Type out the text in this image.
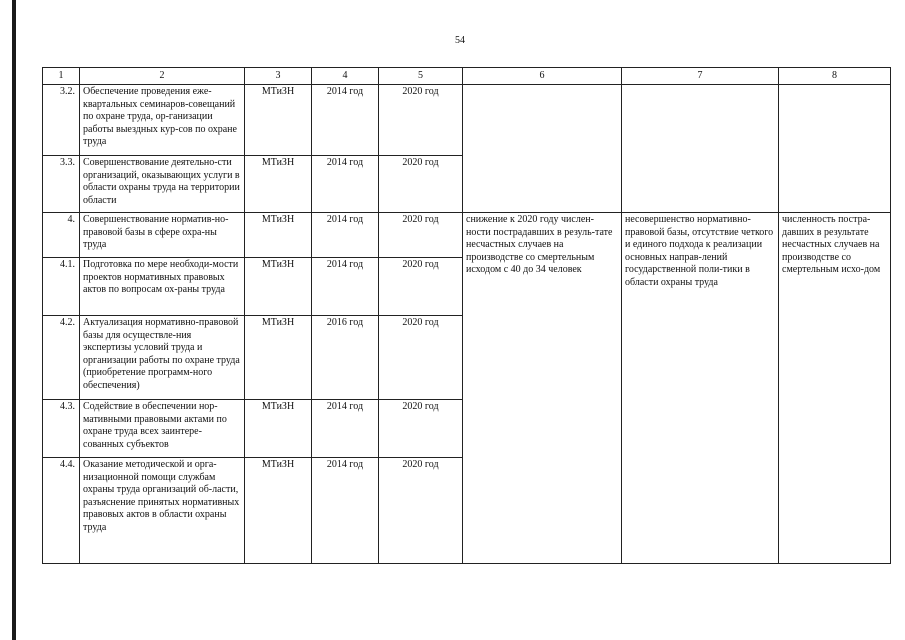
54
1	2	3	4	5	6	7	8
3.2.	Обеспечение проведения еже-квартальных семинаров-совещаний по охране труда, ор-ганизации работы выездных кур-сов по охране труда	МТиЗН	2014 год	2020 год			
3.3.	Совершенствование деятельно-сти организаций, оказывающих услуги в области охраны труда на территории области	МТиЗН	2014 год	2020 год			
4.	Совершенствование норматив-но- правовой базы в сфере охра-ны труда	МТиЗН	2014 год	2020 год	снижение к 2020 году числен-ности пострадавших в резуль-тате несчастных случаев на производстве со смертельным исходом с 40 до 34 человек	несовершенство нормативно-правовой базы, отсутствие четкого и единого подхода к реализации основных направ-лений государственной поли-тики в области охраны труда	численность постра-давших в результате несчастных случаев на производстве со смертельным исхо-дом
4.1.	Подготовка по мере необходи-мости проектов нормативных правовых актов по вопросам ох-раны труда	МТиЗН	2014 год	2020 год			
4.2.	Актуализация нормативно-правовой базы для осуществле-ния экспертизы условий труда и организации работы по охране труда (приобретение программ-ного обеспечения)	МТиЗН	2016 год	2020 год			
4.3.	Содействие в обеспечении нор-мативными правовыми актами по охране труда всех заинтере-сованных субъектов	МТиЗН	2014 год	2020 год			
4.4.	Оказание методической и орга-низационной помощи службам охраны труда организаций об-ласти, разъяснение принятых нормативных правовых актов в области охраны труда	МТиЗН	2014 год	2020 год			
